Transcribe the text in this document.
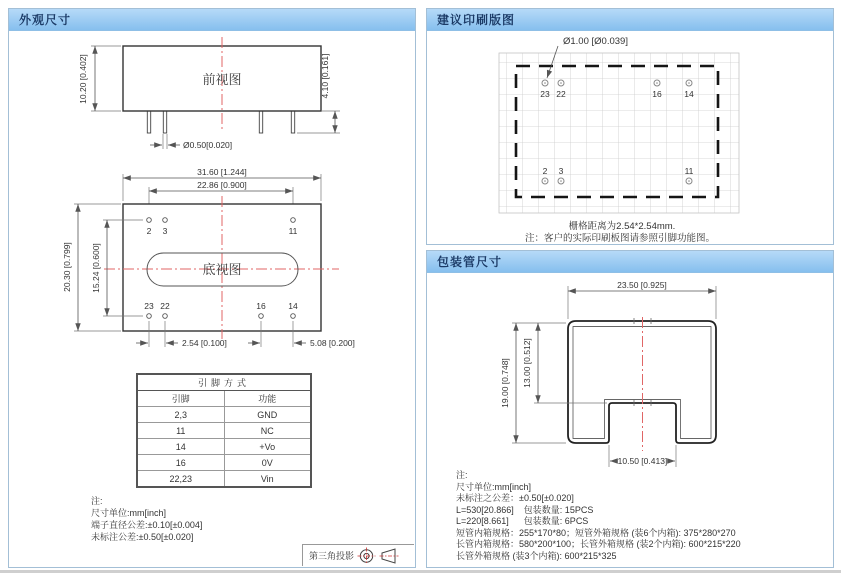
外观尺寸
前视图
10.20 [0.402]	4.10 [0.161]
Ø0.50[0.020]
31.60 [1.244]
22.86 [0.900]
底视图
2 3	11
23 22	16	14
20.30 [0.799] 15.24 [0.600]
2.54 [0.100]	5.08 [0.200]
引脚方式	
引脚	功能
2,3	GND
11	NC
14	+Vo
16	0V
22,23	Vin
注:
尺寸单位:mm[inch]
端子直径公差:±0.10[±0.004]
未标注公差:±0.50[±0.020]
第三角投影
建议印刷版图
23 22	16	14
2 3	11
Ø1.00 [Ø0.039]
栅格距离为2.54*2.54mm.
注：客户的实际印刷板图请参照引脚功能图。
包装管尺寸
23.50 [0.925]
19.00 [0.748] 13.00 [0.512]
10.50 [0.413]
注:
尺寸单位:mm[inch]
未标注之公差：±0.50[±0.020]
L=530[20.866]    包装数量: 15PCS
L=220[8.661]      包装数量: 6PCS
短管内箱规格：255*170*80；短管外箱规格 (装6个内箱): 375*280*270
长管内箱规格：580*200*100；长管外箱规格 (装2个内箱): 600*215*220
长管外箱规格 (装3个内箱): 600*215*325
